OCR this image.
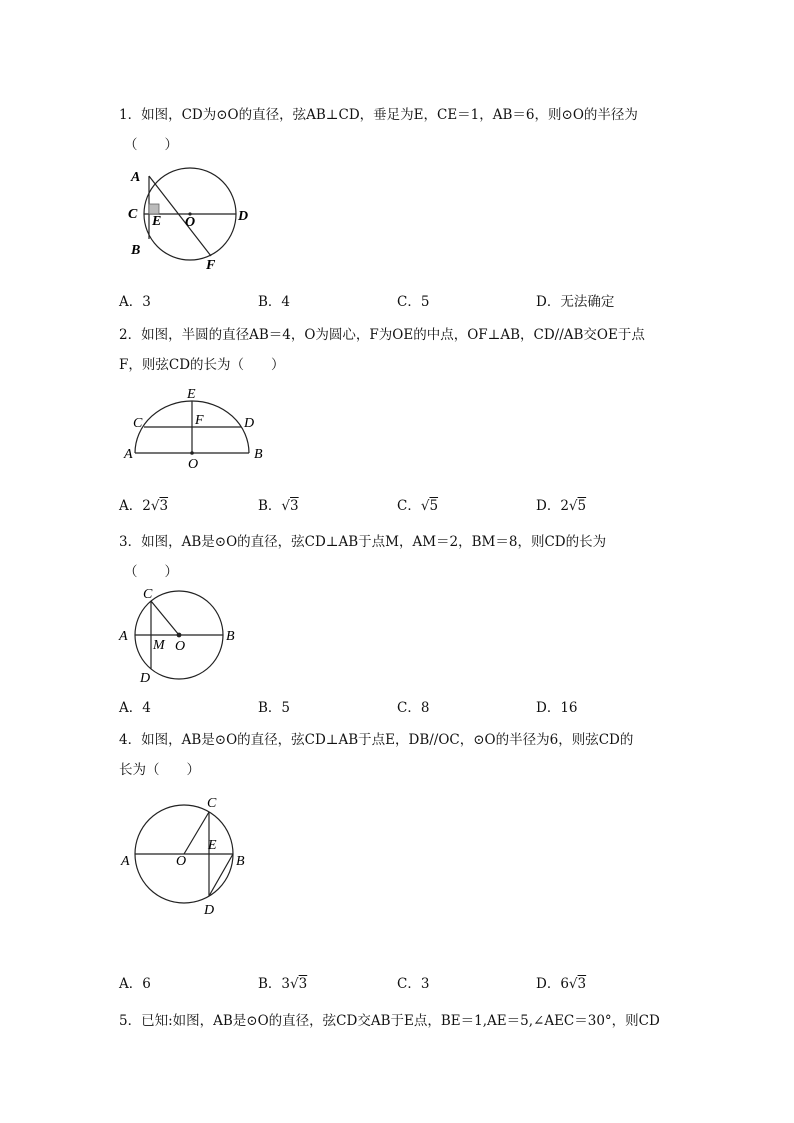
1．如图，CD为⊙O的直径，弦AB⊥CD，垂足为E，CE＝1，AB＝6，则⊙O的半径为
（　　）
A
C
B
D
E O
F
A．3	B．4	C．5	D．无法确定
2．如图，半圆的直径AB＝4，O为圆心，F为OE的中点，OF⊥AB，CD//AB交OE于点
F，则弦CD的长为（　　）
A	B
C	D
E
F
O
A．2√3	B．√3	C．√5	D．2√5
3．如图，AB是⊙O的直径，弦CD⊥AB于点M，AM＝2，BM＝8，则CD的长为
（　　）
A	B
C
D
M O
A．4	B．5	C．8	D．16
4．如图，AB是⊙O的直径，弦CD⊥AB于点E，DB//OC，⊙O的半径为6，则弦CD的
长为（　　）
A	B
C
D
E
O
A．6	B．3√3	C．3	D．6√3
5．已知:如图，AB是⊙O的直径，弦CD交AB于E点，BE＝1,AE＝5,∠AEC＝30°，则CD
